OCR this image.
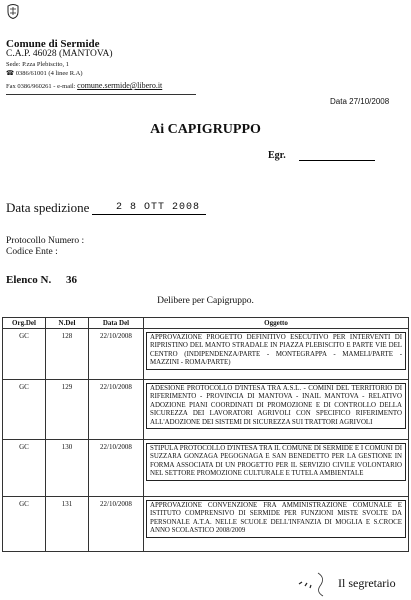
Comune di Sermide
C.A.P. 46028 (MANTOVA)
Sede: P.zza Plebiscito, 1
☎ 0386/61001 (4 linee R.A)
Fax 0386/960261 - e-mail: comune.sermide@libero.it
Data 27/10/2008
Ai CAPIGRUPPO
Egr.
Data spedizione	2 8 OTT 2008
Protocollo Numero :
Codice Ente :
Elenco N. 36
Delibere per Capigruppo.
Org.Del	N.Del	Data Del	Oggetto
GC	128	22/10/2008	APPROVAZIONE PROGETTO DEFINITIVO ESECUTIVO PER INTERVENTI DI RIPRISTINO DEL MANTO STRADALE IN PIAZZA PLEBISCITO E PARTE VIE DEL CENTRO (INDIPENDENZA/PARTE - MONTEGRAPPA - MAMELI/PARTE - MAZZINI - ROMA/PARTE)

GC	129	22/10/2008	ADESIONE PROTOCOLLO D'INTESA TRA A.S.L. - COMINI DEL TERRITORIO DI RIFERIMENTO - PROVINCIA DI MANTOVA - INAIL MANTOVA - RELATIVO ADOZIONE PIANI COORDINATI DI PROMOZIONE E DI CONTROLLO DELLA SICUREZZA DEI LAVORATORI AGRIVOLI CON SPECIFICO RIFERIMENTO ALL'ADOZIONE DEI SISTEMI DI SICUREZZA SUI TRATTORI AGRIVOLI

GC	130	22/10/2008	STIPULA PROTOCOLLO D'INTESA TRA IL COMUNE DI SERMIDE E I COMUNI DI SUZZARA GONZAGA PEGOGNAGA E SAN BENEDETTO PER LA GESTIONE IN FORMA ASSOCIATA DI UN PROGETTO PER IL SERVIZIO CIVILE VOLONTARIO NEL SETTORE PROMOZIONE CULTURALE E TUTELA AMBIENTALE

GC	131	22/10/2008	APPROVAZIONE CONVENZIONE FRA AMMINISTRAZIONE COMUNALE E ISTITUTO COMPRENSIVO DI SERMIDE PER FUNZIONI MISTE SVOLTE DA PERSONALE A.T.A. NELLE SCUOLE DELL'INFANZIA DI MOGLIA E S.CROCE ANNO SCOLASTICO 2008/2009
Il segretario
